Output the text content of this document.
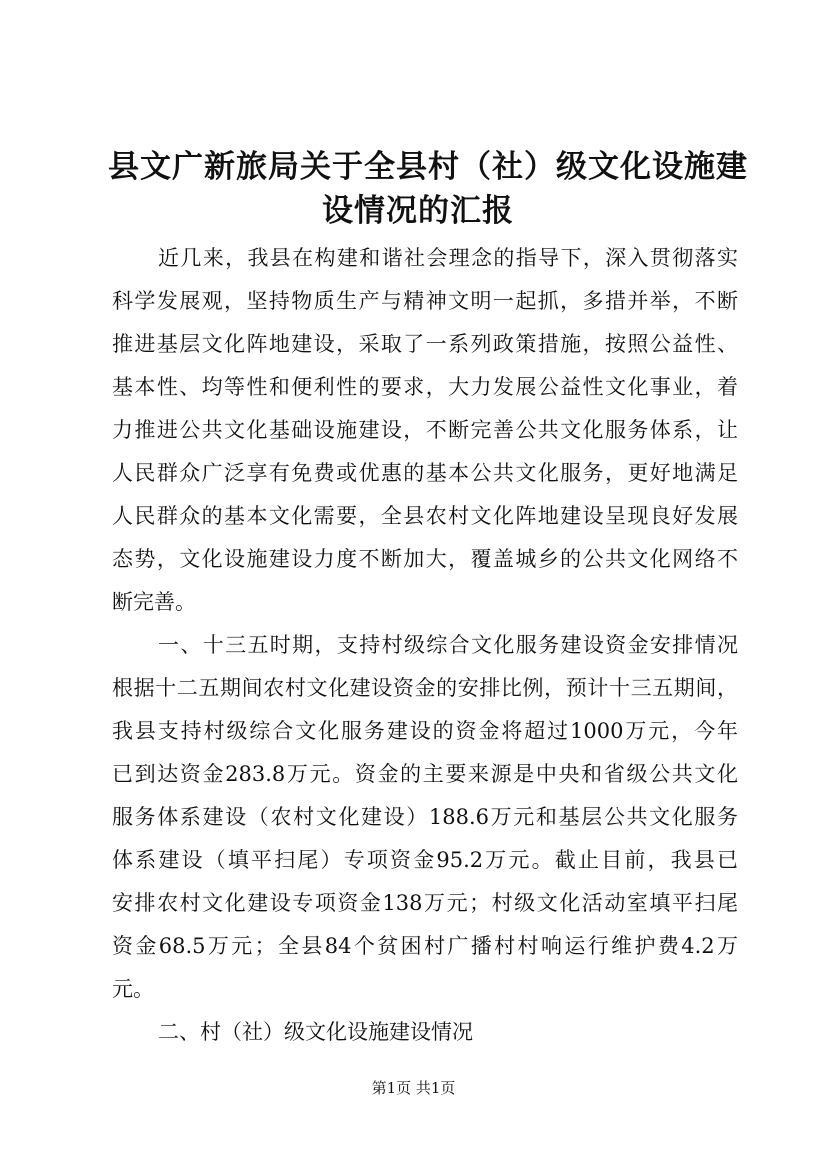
县文广新旅局关于全县村（社）级文化设施建
设情况的汇报
近几来，我县在构建和谐社会理念的指导下，深入贯彻落实
科学发展观，坚持物质生产与精神文明一起抓，多措并举，不断
推进基层文化阵地建设，采取了一系列政策措施，按照公益性、
基本性、均等性和便利性的要求，大力发展公益性文化事业，着
力推进公共文化基础设施建设，不断完善公共文化服务体系，让
人民群众广泛享有免费或优惠的基本公共文化服务，更好地满足
人民群众的基本文化需要，全县农村文化阵地建设呈现良好发展
态势，文化设施建设力度不断加大，覆盖城乡的公共文化网络不
断完善。
一、十三五时期，支持村级综合文化服务建设资金安排情况
根据十二五期间农村文化建设资金的安排比例，预计十三五期间，
我县支持村级综合文化服务建设的资金将超过1000万元，今年
已到达资金283.8万元。资金的主要来源是中央和省级公共文化
服务体系建设（农村文化建设）188.6万元和基层公共文化服务
体系建设（填平扫尾）专项资金95.2万元。截止目前，我县已
安排农村文化建设专项资金138万元；村级文化活动室填平扫尾
资金68.5万元；全县84个贫困村广播村村响运行维护费4.2万
元。
二、村（社）级文化设施建设情况
第1页 共1页
